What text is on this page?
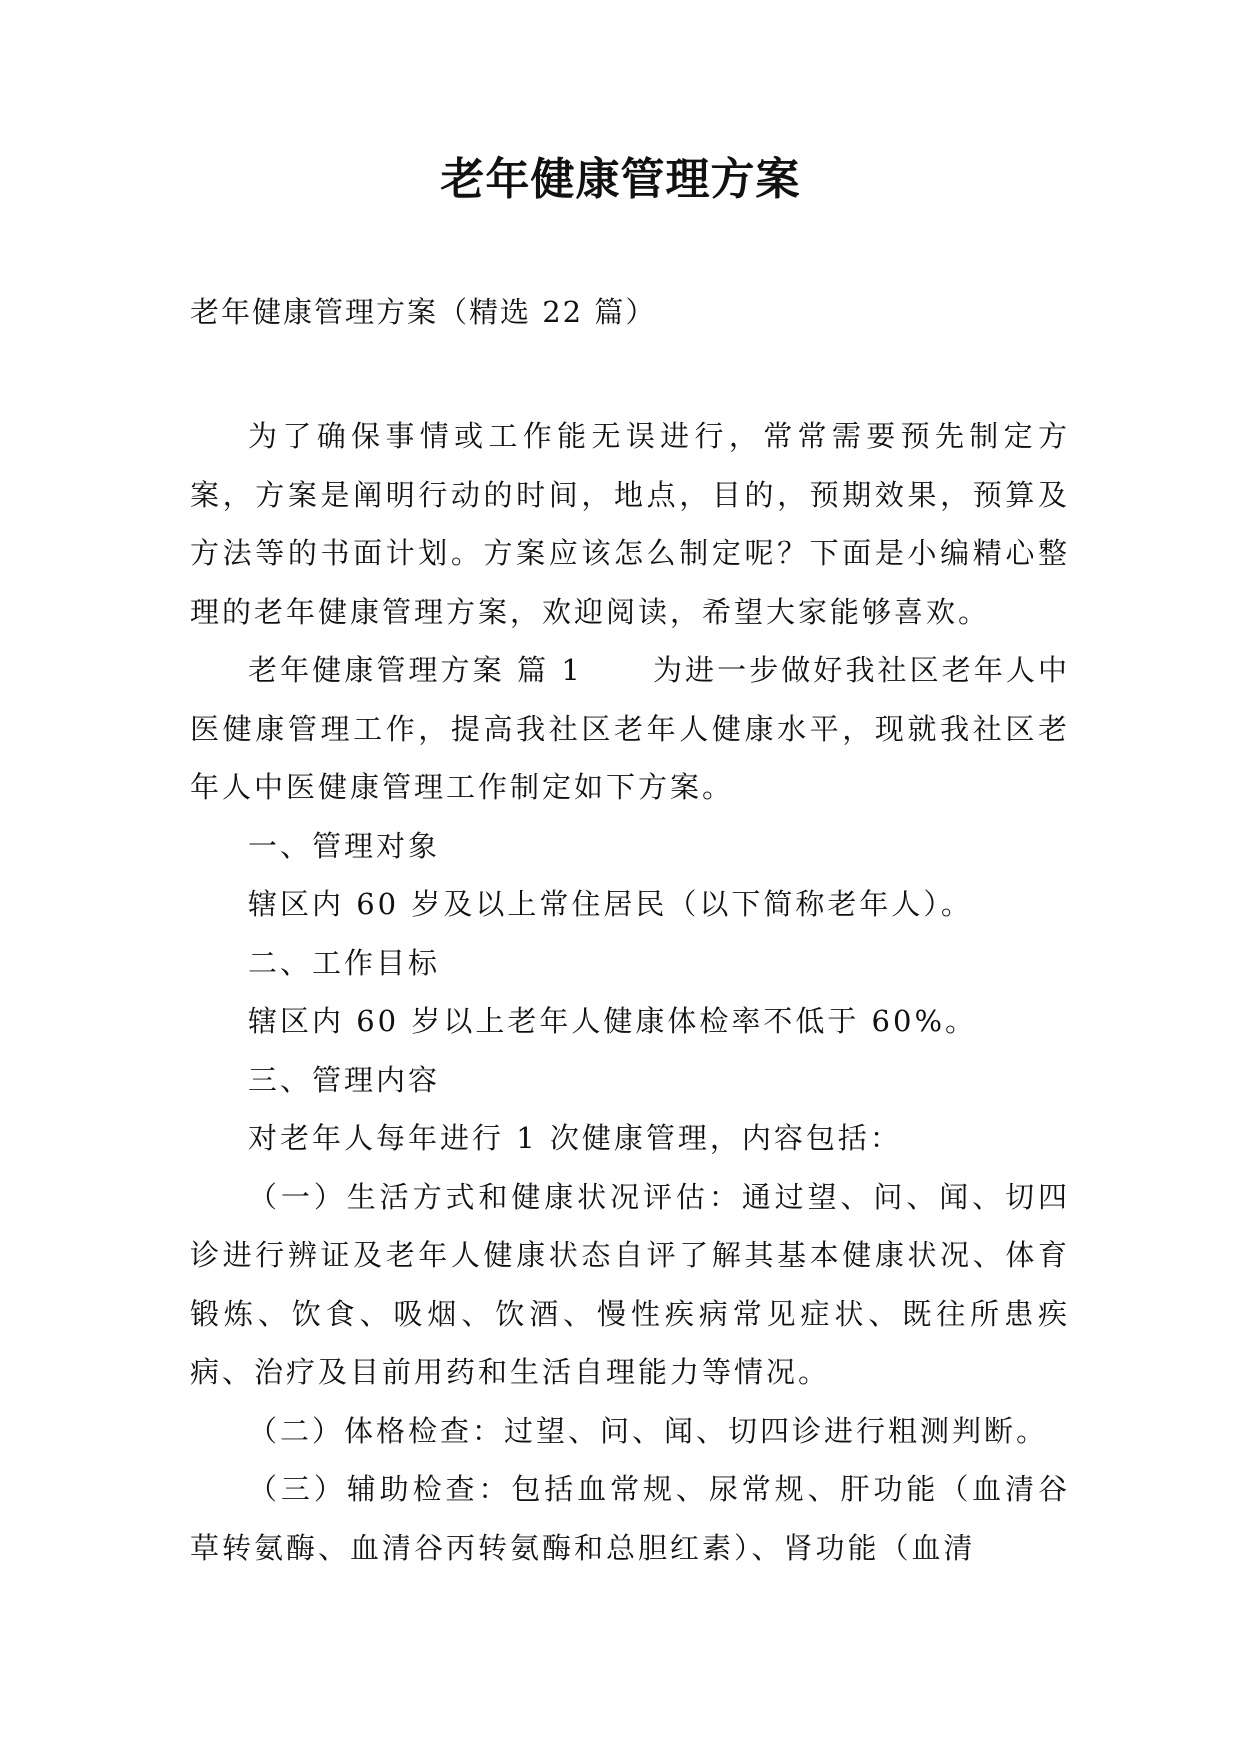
老年健康管理方案
老年健康管理方案（精选 22 篇）

为了确保事情或工作能无误进行，常常需要预先制定方案，方案是阐明行动的时间，地点，目的，预期效果，预算及方法等的书面计划。方案应该怎么制定呢？下面是小编精心整理的老年健康管理方案，欢迎阅读，希望大家能够喜欢。

老年健康管理方案 篇 1 为进一步做好我社区老年人中医健康管理工作，提高我社区老年人健康水平，现就我社区老年人中医健康管理工作制定如下方案。

一、管理对象

辖区内 60 岁及以上常住居民（以下简称老年人）。

二、工作目标

辖区内 60 岁以上老年人健康体检率不低于 60%。

三、管理内容

对老年人每年进行 1 次健康管理，内容包括：

（一）生活方式和健康状况评估：通过望、问、闻、切四诊进行辨证及老年人健康状态自评了解其基本健康状况、体育锻炼、饮食、吸烟、饮酒、慢性疾病常见症状、既往所患疾病、治疗及目前用药和生活自理能力等情况。

（二）体格检查：过望、问、闻、切四诊进行粗测判断。

（三）辅助检查：包括血常规、尿常规、肝功能（血清谷草转氨酶、血清谷丙转氨酶和总胆红素）、肾功能（血清
